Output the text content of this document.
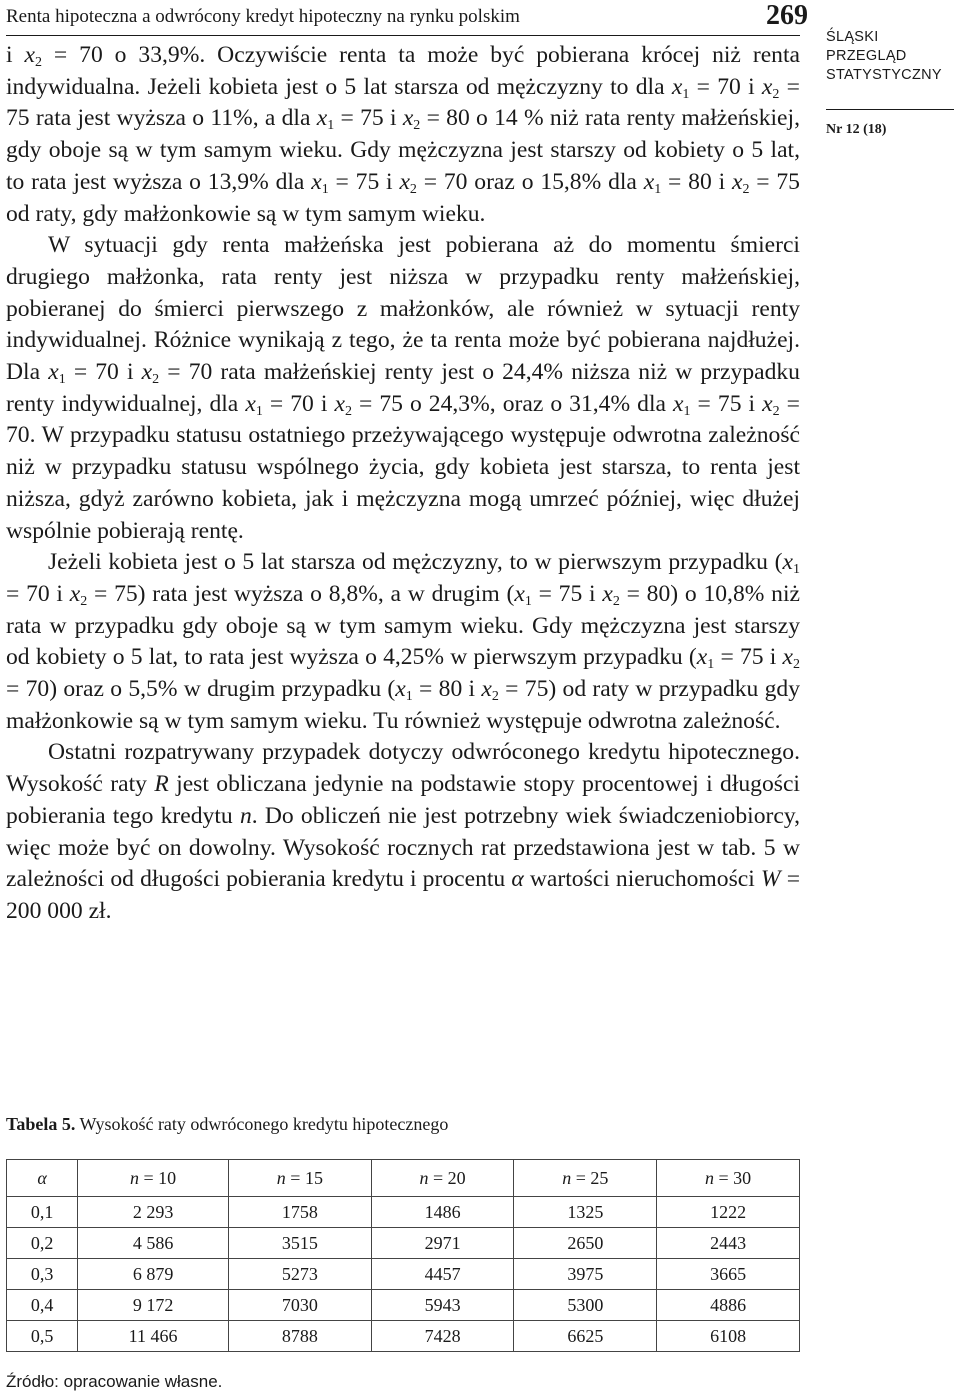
Renta hipoteczna a odwrócony kredyt hipoteczny na rynku polskim	269
ŚLĄSKI
PRZEGLĄD
STATYSTYCZNY
Nr 12 (18)

i $x_2 = 70$ o 33,9%. Oczywiście renta ta może być pobierana krócej niż renta indywidualna. Jeżeli kobieta jest o 5 lat starsza od mężczyzny to dla $x_1 = 70$ i $x_2 = 75$ rata jest wyższa o 11%, a dla $x_1 = 75$ i $x_2 = 80$ o 14 % niż rata renty małżeńskiej, gdy oboje są w tym samym wieku. Gdy mężczyzna jest starszy od kobiety o 5 lat, to rata jest wyższa o 13,9% dla $x_1 = 75$ i $x_2 = 70$ oraz o 15,8% dla $x_1 = 80$ i $x_2 = 75$ od raty, gdy małżonkowie są w tym samym wieku.

W sytuacji gdy renta małżeńska jest pobierana aż do momentu śmierci drugiego małżonka, rata renty jest niższa w przypadku renty małżeńskiej, pobieranej do śmierci pierwszego z małżonków, ale również w sytuacji renty indywidualnej. Różnice wynikają z tego, że ta renta może być pobierana najdłużej. Dla $x_1 = 70$ i $x_2 = 70$ rata małżeńskiej renty jest o 24,4% niższa niż w przypadku renty indywidualnej, dla $x_1 = 70$ i $x_2 = 75$ o 24,3%, oraz o 31,4% dla $x_1 = 75$ i $x_2 = 70$. W przypadku statusu ostatniego przeżywającego występuje odwrotna zależność niż w przypadku statusu wspólnego życia, gdy kobieta jest starsza, to renta jest niższa, gdyż zarówno kobieta, jak i mężczyzna mogą umrzeć później, więc dłużej wspólnie pobierają rentę.

Jeżeli kobieta jest o 5 lat starsza od mężczyzny, to w pierwszym przypadku ($x_1 = 70$ i $x_2 = 75$) rata jest wyższa o 8,8%, a w drugim ($x_1 = 75$ i $x_2 = 80$) o 10,8% niż rata w przypadku gdy oboje są w tym samym wieku. Gdy mężczyzna jest starszy od kobiety o 5 lat, to rata jest wyższa o 4,25% w pierwszym przypadku ($x_1 = 75$ i $x_2 = 70$) oraz o 5,5% w drugim przypadku ($x_1 = 80$ i $x_2 = 75$) od raty w przypadku gdy małżonkowie są w tym samym wieku. Tu również występuje odwrotna zależność.

Ostatni rozpatrywany przypadek dotyczy odwróconego kredytu hipotecznego. Wysokość raty R jest obliczana jedynie na podstawie stopy procentowej i długości pobierania tego kredytu n. Do obliczeń nie jest potrzebny wiek świadczeniobiorcy, więc może być on dowolny. Wysokość rocznych rat przedstawiona jest w tab. 5 w zależności od długości pobierania kredytu i procentu α wartości nieruchomości W = 200 000 zł.

Tabela 5. Wysokość raty odwróconego kredytu hipotecznego
α	n = 10	n = 15	n = 20	n = 25	n = 30
0,1	2 293	1758	1486	1325	1222
0,2	4 586	3515	2971	2650	2443
0,3	6 879	5273	4457	3975	3665
0,4	9 172	7030	5943	5300	4886
0,5	11 466	8788	7428	6625	6108
Źródło: opracowanie własne.
